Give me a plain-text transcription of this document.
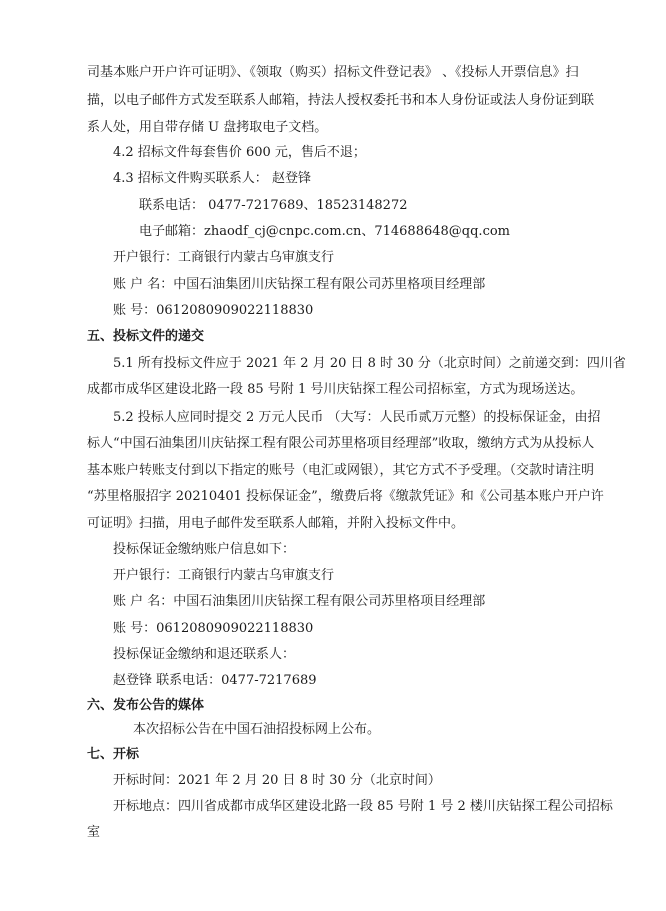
司基本账户开户许可证明》、《领取（购买）招标文件登记表》 、《投标人开票信息》扫
描，以电子邮件方式发至联系人邮箱，持法人授权委托书和本人身份证或法人身份证到联
系人处，用自带存储 U 盘拷取电子文档。
4.2 招标文件每套售价 600 元，售后不退；
4.3 招标文件购买联系人： 赵登锋
联系电话： 0477-7217689、18523148272
电子邮箱：zhaodf_cj@cnpc.com.cn、714688648@qq.com
开户银行：工商银行内蒙古乌审旗支行
账 户 名：中国石油集团川庆钻探工程有限公司苏里格项目经理部
账 号：0612080909022118830
五、投标文件的递交
5.1 所有投标文件应于 2021 年 2 月 20 日 8 时 30 分（北京时间）之前递交到：四川省
成都市成华区建设北路一段 85 号附 1 号川庆钻探工程公司招标室，方式为现场送达。
5.2 投标人应同时提交 2 万元人民币 （大写：人民币贰万元整）的投标保证金，由招
标人“中国石油集团川庆钻探工程有限公司苏里格项目经理部”收取，缴纳方式为从投标人
基本账户转账支付到以下指定的账号（电汇或网银），其它方式不予受理。（交款时请注明
“苏里格服招字 20210401 投标保证金”，缴费后将《缴款凭证》和《公司基本账户开户许
可证明》扫描，用电子邮件发至联系人邮箱，并附入投标文件中。
投标保证金缴纳账户信息如下：
开户银行：工商银行内蒙古乌审旗支行
账 户 名：中国石油集团川庆钻探工程有限公司苏里格项目经理部
账 号：0612080909022118830
投标保证金缴纳和退还联系人：
赵登锋 联系电话：0477-7217689
六、发布公告的媒体
本次招标公告在中国石油招投标网上公布。
七、开标
开标时间：2021 年 2 月 20 日 8 时 30 分（北京时间）
开标地点：四川省成都市成华区建设北路一段 85 号附 1 号 2 楼川庆钻探工程公司招标
室
